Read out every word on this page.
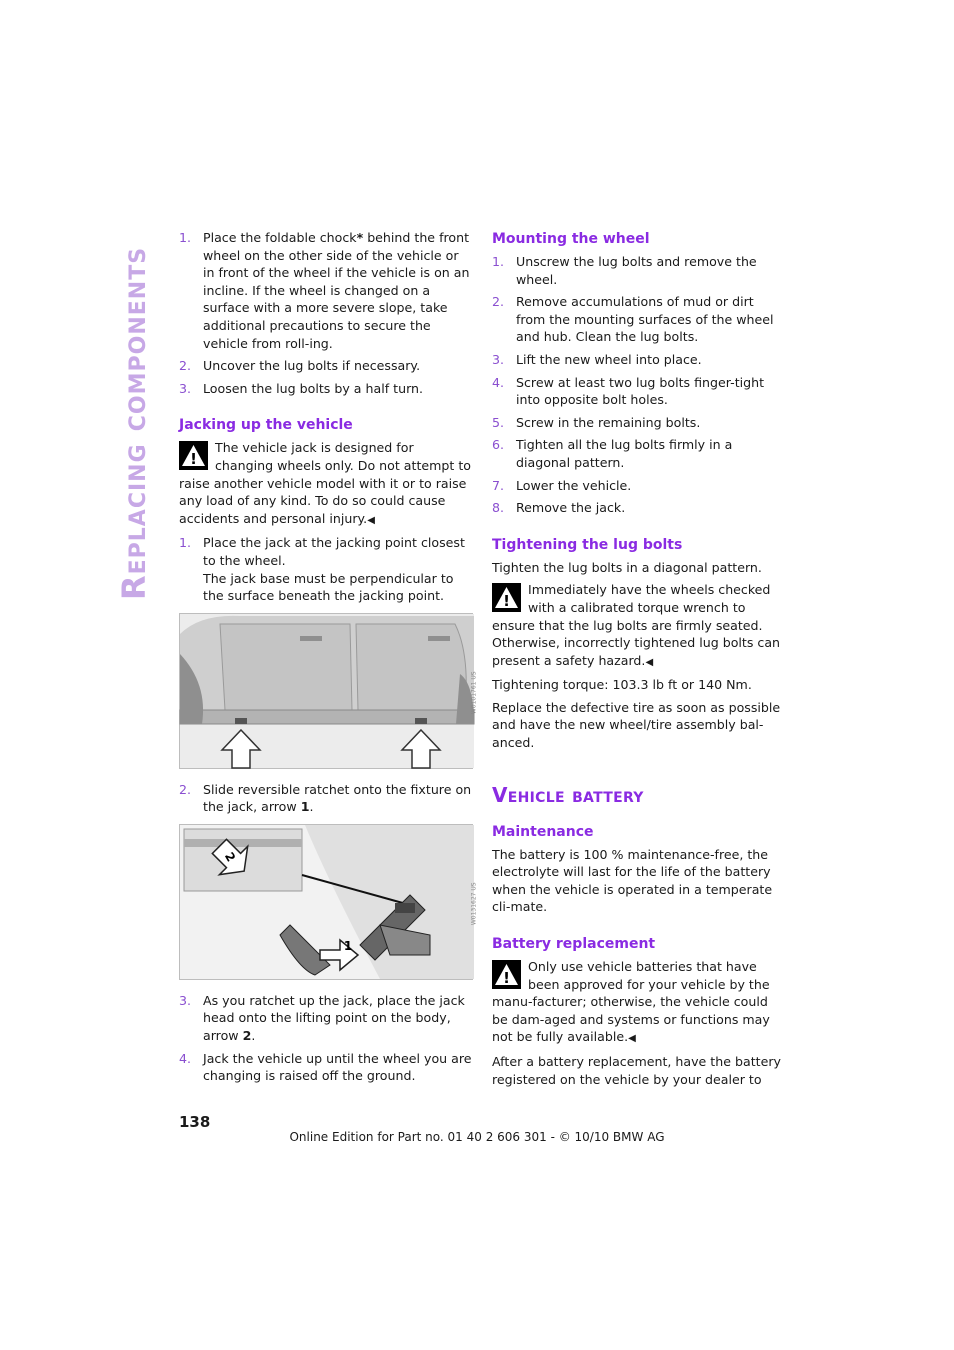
Replacing components
1. Place the foldable chock* behind the front wheel on the other side of the vehicle or in front of the wheel if the vehicle is on an incline. If the wheel is changed on a surface with a more severe slope, take additional precautions to secure the vehicle from roll-ing.
2. Uncover the lug bolts if necessary.
3. Loosen the lug bolts by a half turn.
Jacking up the vehicle
!
The vehicle jack is designed for changing wheels only. Do not attempt to raise another vehicle model with it or to raise any load of any kind. To do so could cause accidents and personal injury.◀
1. Place the jack at the jacking point closest to the wheel.
The jack base must be perpendicular to the surface beneath the jacking point.
W0101761 US
2. Slide reversible ratchet onto the fixture on the jack, arrow 1.
2
1
W0131627 US
3. As you ratchet up the jack, place the jack head onto the lifting point on the body, arrow 2.
4. Jack the vehicle up until the wheel you are changing is raised off the ground.
Mounting the wheel
1. Unscrew the lug bolts and remove the wheel.
2. Remove accumulations of mud or dirt from the mounting surfaces of the wheel and hub. Clean the lug bolts.
3. Lift the new wheel into place.
4. Screw at least two lug bolts finger-tight into opposite bolt holes.
5. Screw in the remaining bolts.
6. Tighten all the lug bolts firmly in a diagonal pattern.
7. Lower the vehicle.
8. Remove the jack.
Tightening the lug bolts

Tighten the lug bolts in a diagonal pattern.

!
Immediately have the wheels checked with a calibrated torque wrench to ensure that the lug bolts are firmly seated. Otherwise, incorrectly tightened lug bolts can present a safety hazard.◀

Tightening torque: 103.3 lb ft or 140 Nm.

Replace the defective tire as soon as possible and have the new wheel/tire assembly bal-anced.

Vehicle battery
Maintenance

The battery is 100 % maintenance-free, the electrolyte will last for the life of the battery when the vehicle is operated in a temperate cli-mate.

Battery replacement
!
Only use vehicle batteries that have been approved for your vehicle by the manu-facturer; otherwise, the vehicle could be dam-aged and systems or functions may not be fully available.◀

After a battery replacement, have the battery registered on the vehicle by your dealer to

138
Online Edition for Part no. 01 40 2 606 301 - © 10/10 BMW AG
